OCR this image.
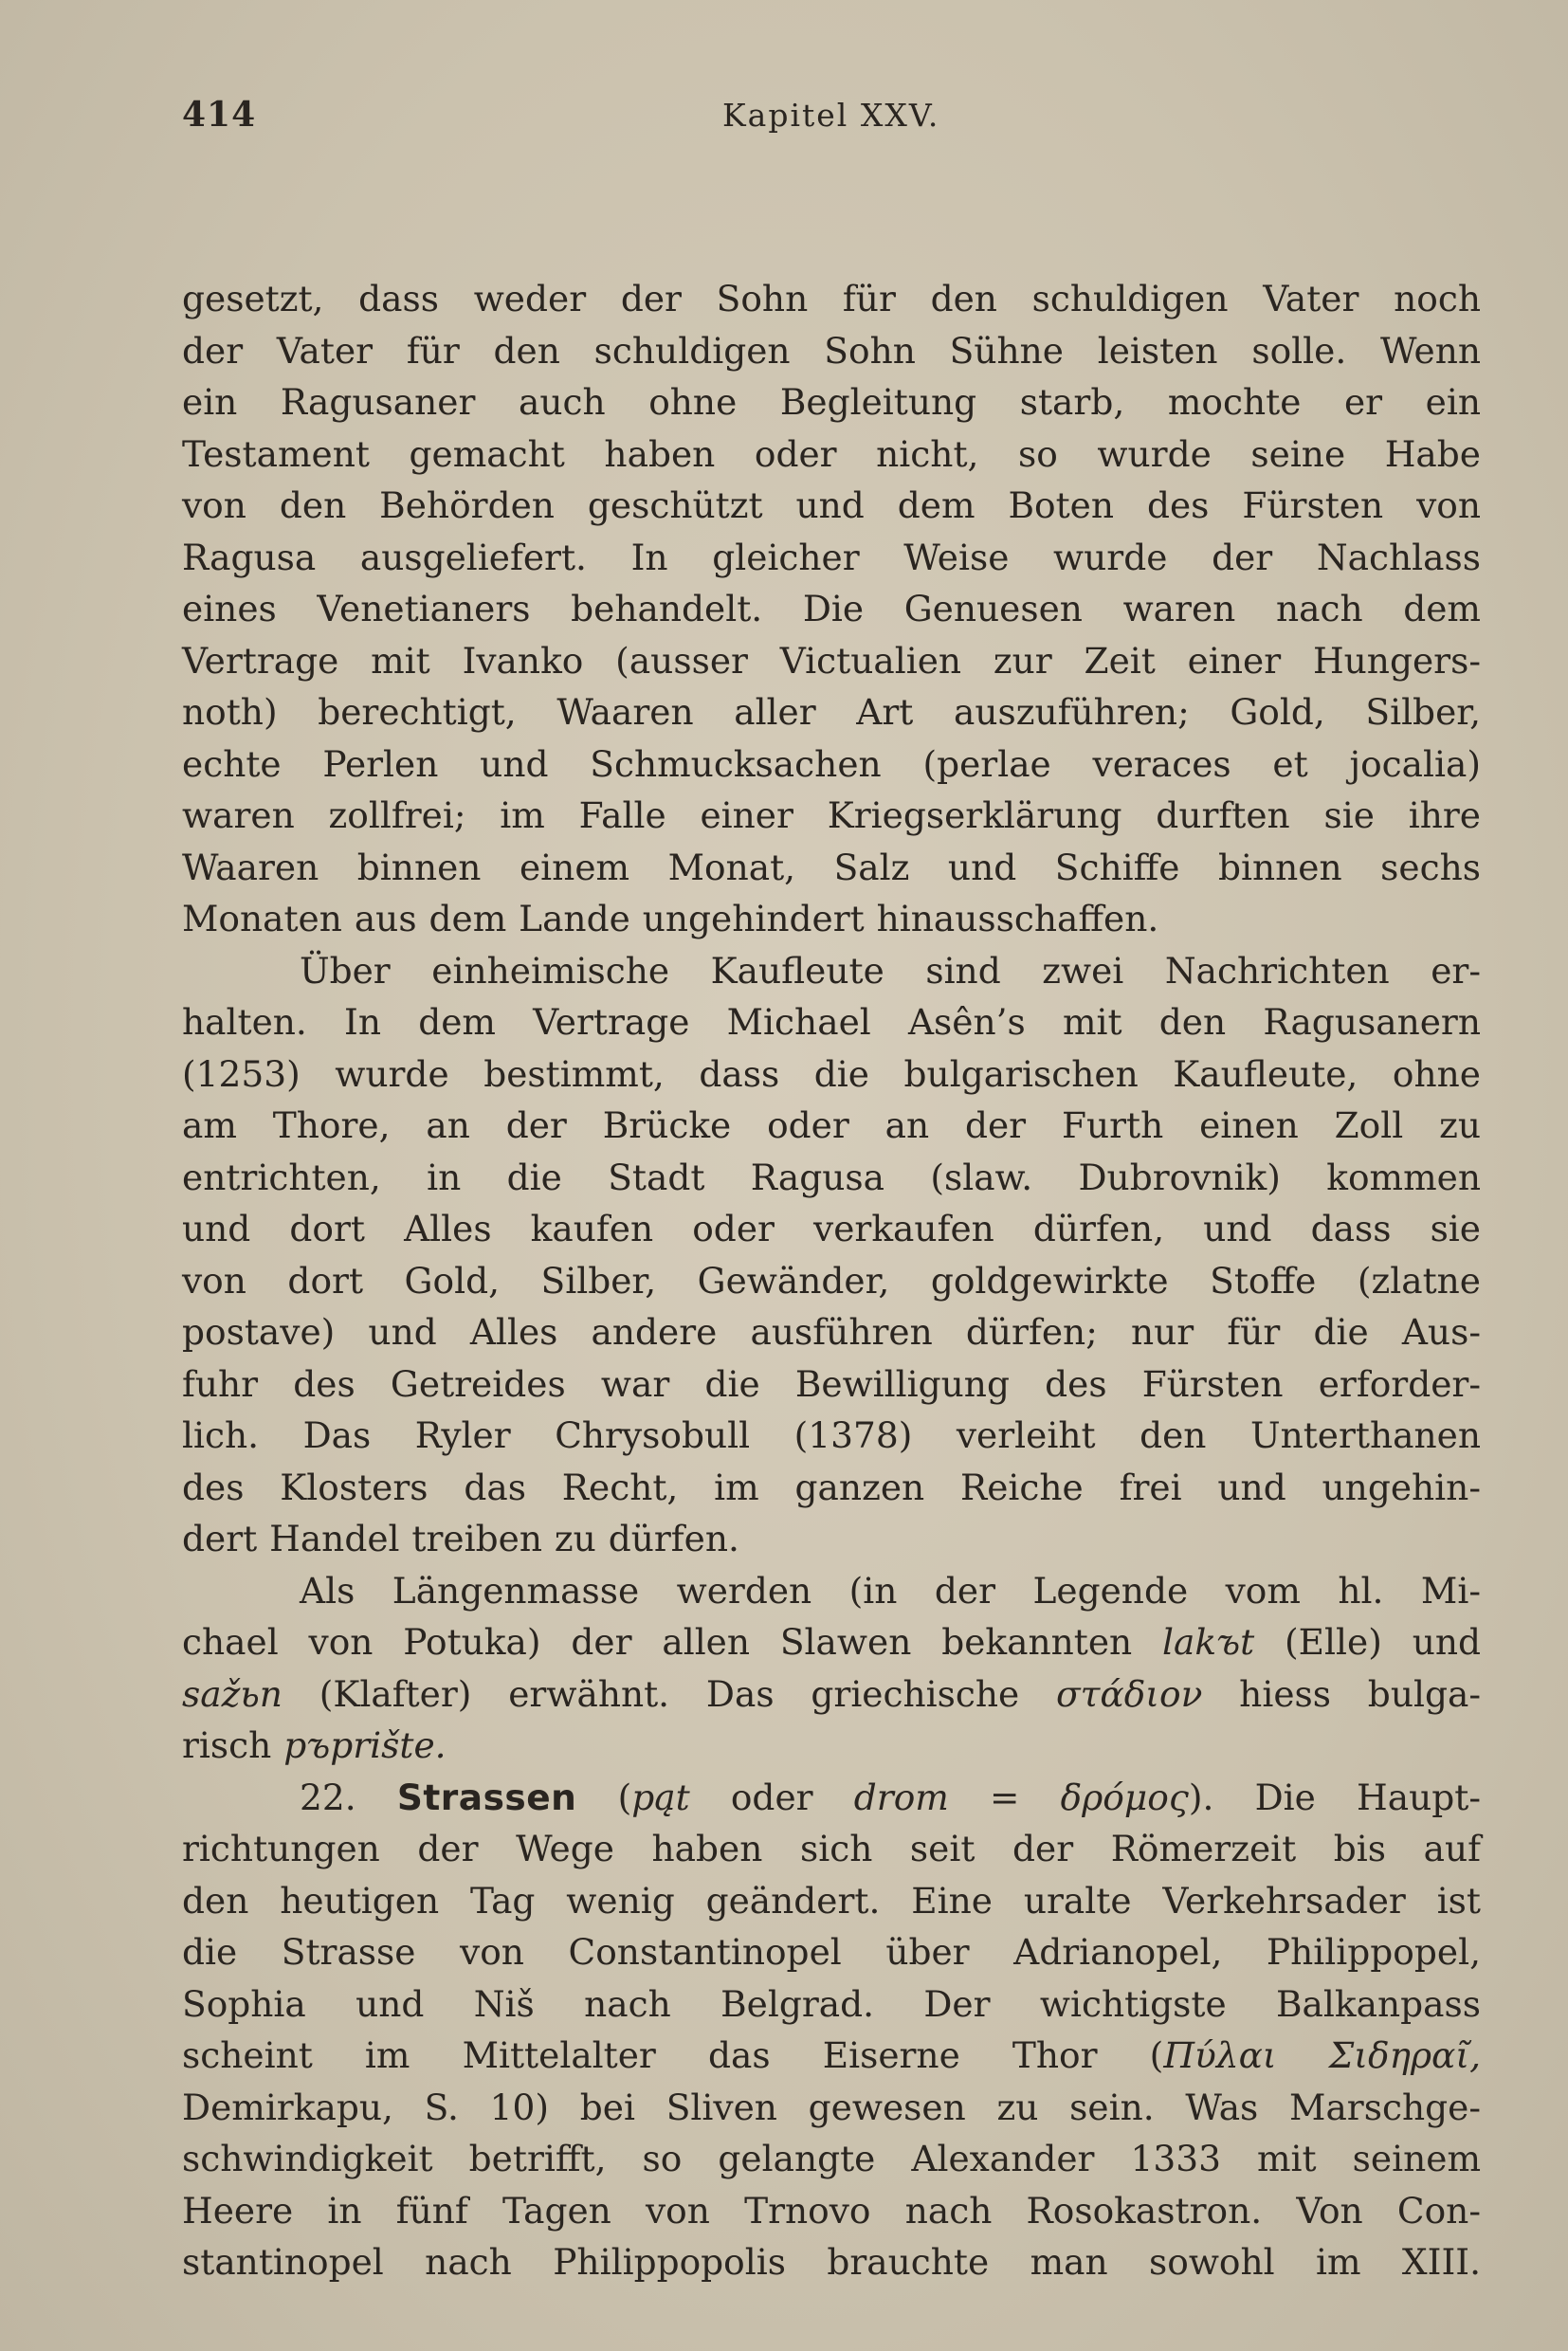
414	Kapitel XXV.
gesetzt, dass weder der Sohn für den schuldigen Vater noch
der Vater für den schuldigen Sohn Sühne leisten solle. Wenn
ein Ragusaner auch ohne Begleitung starb, mochte er ein
Testament gemacht haben oder nicht, so wurde seine Habe
von den Behörden geschützt und dem Boten des Fürsten von
Ragusa ausgeliefert. In gleicher Weise wurde der Nachlass
eines Venetianers behandelt. Die Genuesen waren nach dem
Vertrage mit Ivanko (ausser Victualien zur Zeit einer Hungers-
noth) berechtigt, Waaren aller Art auszuführen; Gold, Silber,
echte Perlen und Schmucksachen (perlae veraces et jocalia)
waren zollfrei; im Falle einer Kriegserklärung durften sie ihre
Waaren binnen einem Monat, Salz und Schiffe binnen sechs
Monaten aus dem Lande ungehindert hinausschaffen.
Über einheimische Kaufleute sind zwei Nachrichten er-
halten. In dem Vertrage Michael Asên’s mit den Ragusanern
(1253) wurde bestimmt, dass die bulgarischen Kaufleute, ohne
am Thore, an der Brücke oder an der Furth einen Zoll zu
entrichten, in die Stadt Ragusa (slaw. Dubrovnik) kommen
und dort Alles kaufen oder verkaufen dürfen, und dass sie
von dort Gold, Silber, Gewänder, goldgewirkte Stoffe (zlatne
postave) und Alles andere ausführen dürfen; nur für die Aus-
fuhr des Getreides war die Bewilligung des Fürsten erforder-
lich. Das Ryler Chrysobull (1378) verleiht den Unterthanen
des Klosters das Recht, im ganzen Reiche frei und ungehin-
dert Handel treiben zu dürfen.
Als Längenmasse werden (in der Legende vom hl. Mi-
chael von Potuka) der allen Slawen bekannten lakъt (Elle) und
sažьn (Klafter) erwähnt. Das griechische στάδιον hiess bulga-
risch pъprište.
22. Strassen (pąt oder drom = δρόμος). Die Haupt-
richtungen der Wege haben sich seit der Römerzeit bis auf
den heutigen Tag wenig geändert. Eine uralte Verkehrsader ist
die Strasse von Constantinopel über Adrianopel, Philippopel,
Sophia und Niš nach Belgrad. Der wichtigste Balkanpass
scheint im Mittelalter das Eiserne Thor (Πύλαι Σιδηραῖ,
Demirkapu, S. 10) bei Sliven gewesen zu sein. Was Marschge-
schwindigkeit betrifft, so gelangte Alexander 1333 mit seinem
Heere in fünf Tagen von Trnovo nach Rosokastron. Von Con-
stantinopel nach Philippopolis brauchte man sowohl im XIII.
